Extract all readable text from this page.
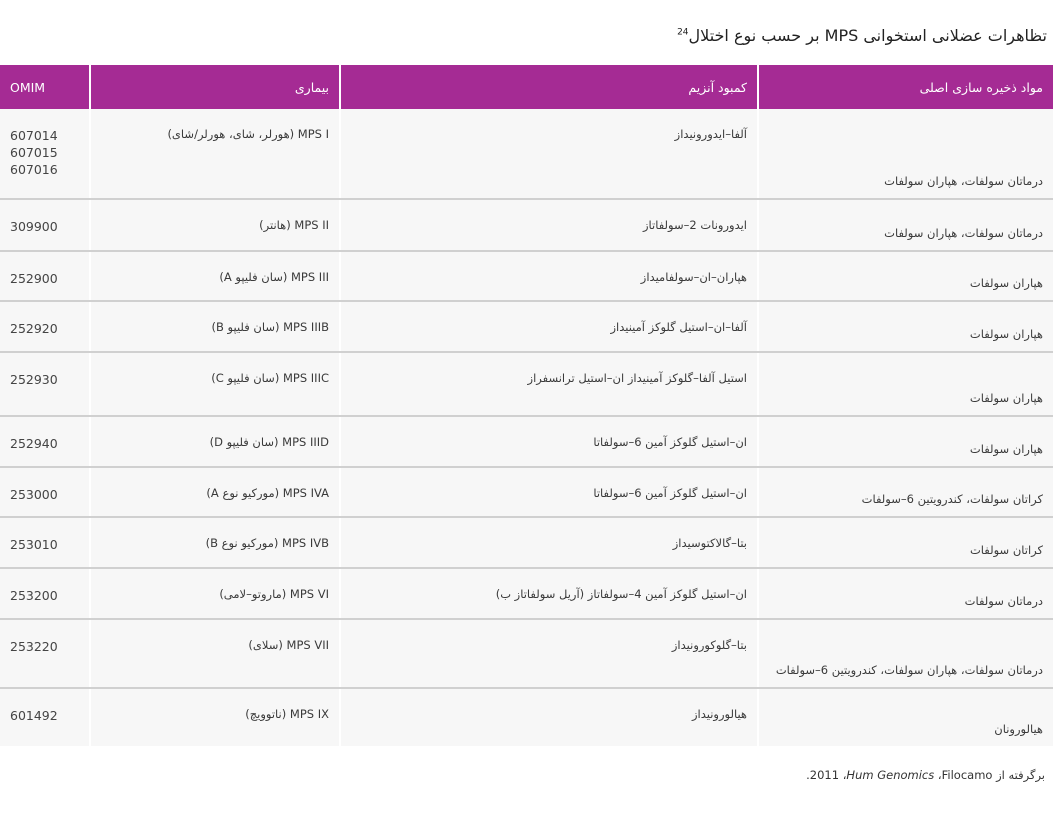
تظاهرات عضلانی استخوانی MPS بر حسب نوع اختلال$^{24}$
مواد ذخیره سازی اصلی	کمبود آنزیم	بیماری	OMIM
درماتان سولفات، هپاران سولفات	آلفا–ایدورونیداز	MPS I (هورلر، شای، هورلر/شای)	607014
607015
607016

درماتان سولفات، هپاران سولفات	ایدورونات 2–سولفاتاز	MPS II (هانتر)	309900

هپاران سولفات	هپاران–ان–سولفامیداز	MPS III (سان فلیپو A)	252900

هپاران سولفات	آلفا–ان–استیل گلوکز آمینیداز	MPS IIIB (سان فلیپو B)	252920

هپاران سولفات	استیل آلفا–گلوکز آمینیداز ان–استیل ترانسفراز	MPS IIIC (سان فلیپو C)	252930

هپاران سولفات	ان–استیل گلوکز آمین 6–سولفاتا	MPS IIID (سان فلیپو D)	252940

کراتان سولفات، کندرویتین 6–سولفات	ان–استیل گلوکز آمین 6–سولفاتا	MPS IVA (مورکیو نوع A)	253000

کراتان سولفات	بتا–گالاکتوسیداز	MPS IVB (مورکیو نوع B)	253010

درماتان سولفات	ان–استیل گلوکز آمین 4–سولفاتاز (آریل سولفاتاز ب)	MPS VI (ماروتو–لامی)	253200

درماتان سولفات، هپاران سولفات، کندرویتین 6–سولفات	بتا–گلوکورونیداز	MPS VII (سلای)	253220

هیالورونان	هیالورونیداز	MPS IX (ناتوویچ)	601492
برگرفته از Filocamo، Hum Genomics، 2011.
